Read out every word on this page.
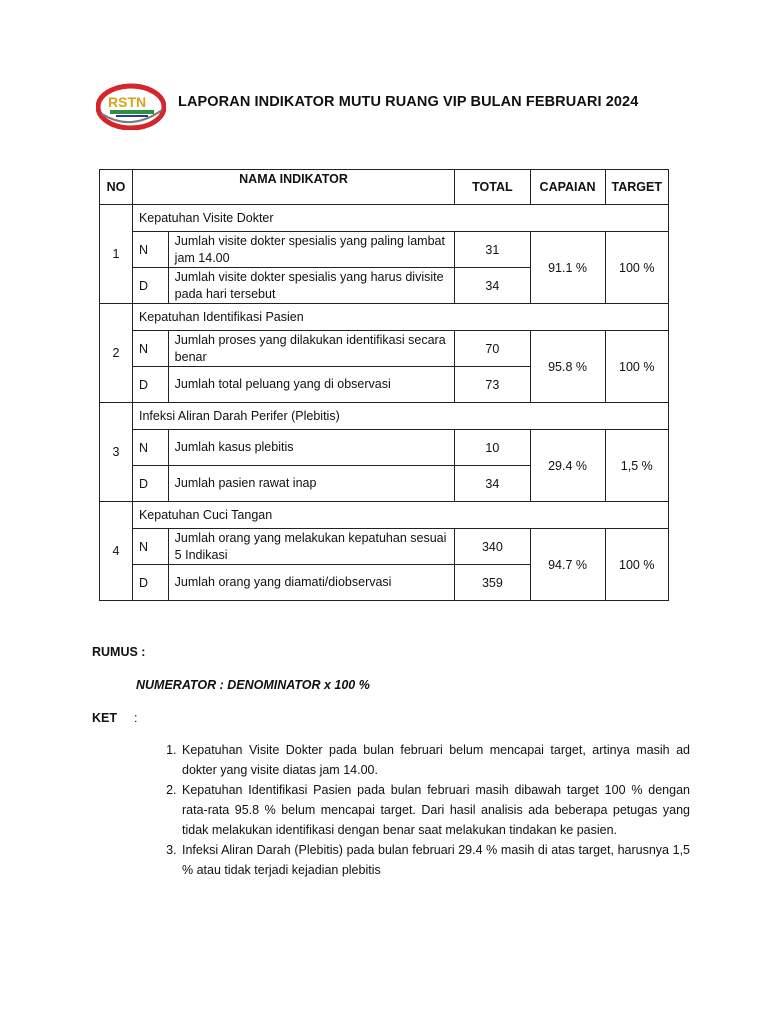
RSTN LAPORAN INDIKATOR MUTU RUANG VIP BULAN FEBRUARI 2024
NO	NAMA INDIKATOR		TOTAL	CAPAIAN	TARGET
1	Kepatuhan Visite Dokter				
	N	Jumlah visite dokter spesialis yang paling lambat jam 14.00	31	91.1 %	100 %
	D	Jumlah visite dokter spesialis yang harus divisite pada hari tersebut	34		
2	Kepatuhan Identifikasi Pasien				
	N	Jumlah proses yang dilakukan identifikasi secara benar	70	95.8 %	100 %
	D	Jumlah total peluang yang di observasi	73		
3	Infeksi Aliran Darah Perifer (Plebitis)				
	N	Jumlah kasus plebitis	10	29.4 %	1,5 %
	D	Jumlah pasien rawat inap	34		
4	Kepatuhan Cuci Tangan				
	N	Jumlah orang yang melakukan kepatuhan sesuai 5 Indikasi	340	94.7 %	100 %
	D	Jumlah orang yang diamati/diobservasi	359		
RUMUS :
NUMERATOR : DENOMINATOR x 100 %
KET :
1. Kepatuhan Visite Dokter pada bulan februari belum mencapai target, artinya masih ad dokter yang visite diatas jam 14.00.
2. Kepatuhan Identifikasi Pasien pada bulan februari masih dibawah target 100 % dengan rata-rata 95.8 % belum mencapai target. Dari hasil analisis ada beberapa petugas yang tidak melakukan identifikasi dengan benar saat melakukan tindakan ke pasien.
3. Infeksi Aliran Darah (Plebitis) pada bulan februari 29.4 % masih di atas target, harusnya 1,5 % atau tidak terjadi kejadian plebitis
